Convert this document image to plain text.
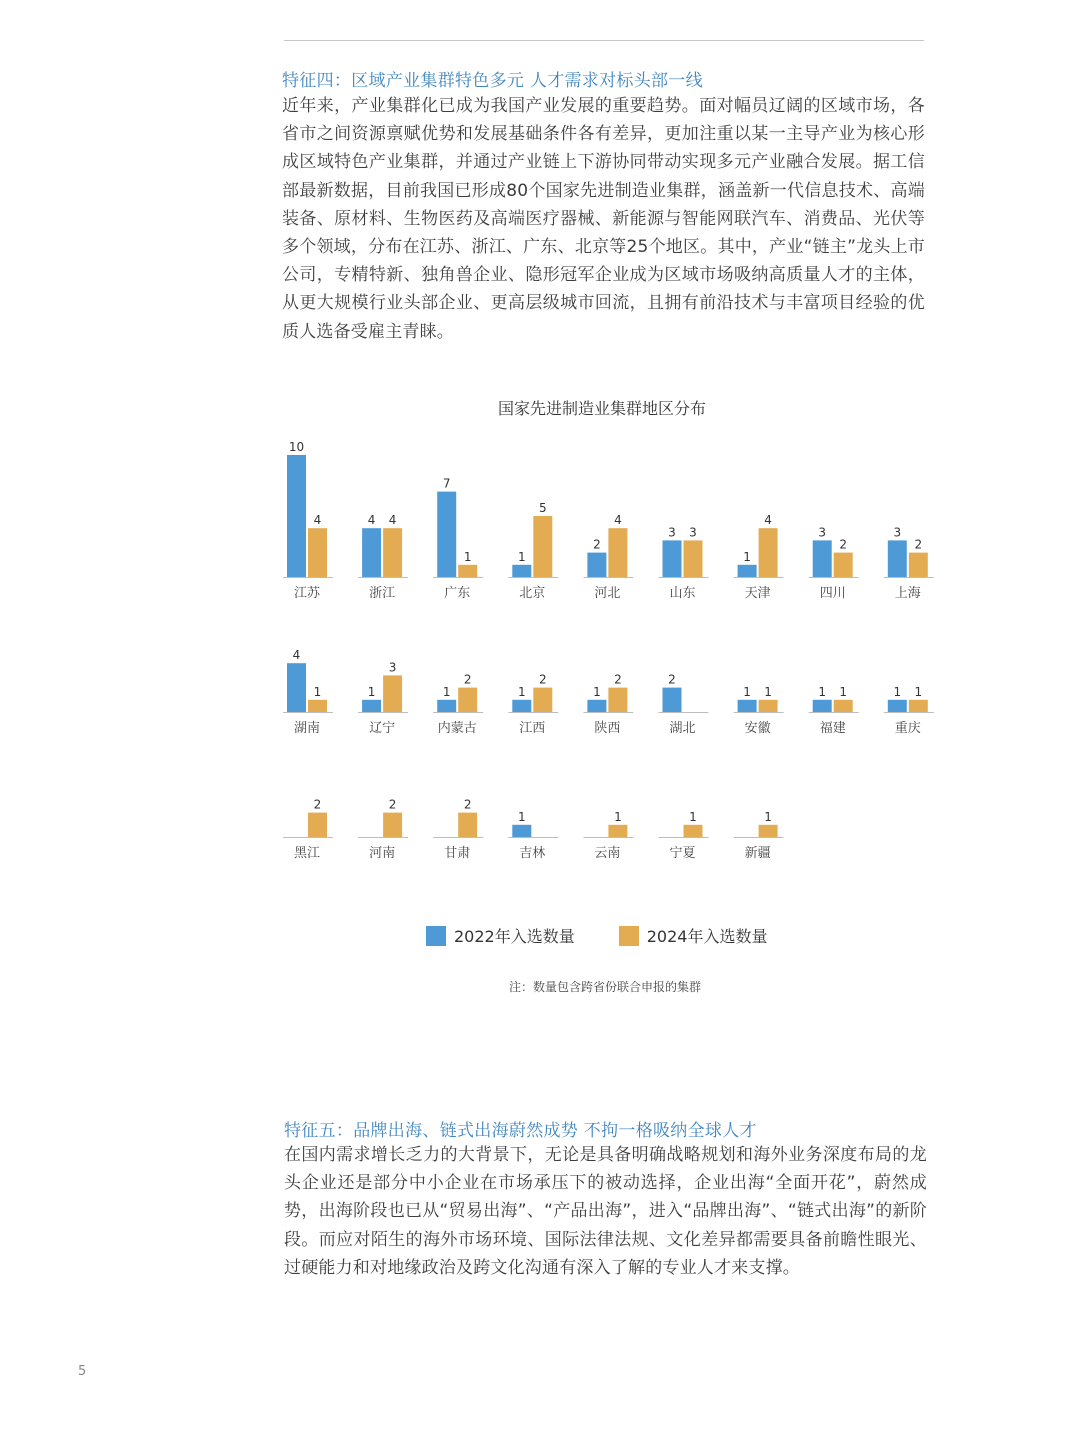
特征四：区域产业集群特色多元 人才需求对标头部一线

近年来，产业集群化已成为我国产业发展的重要趋势。面对幅员辽阔的区域市场，各省市之间资源禀赋优势和发展基础条件各有差异，更加注重以某一主导产业为核心形成区域特色产业集群，并通过产业链上下游协同带动实现多元产业融合发展。据工信部最新数据，目前我国已形成80个国家先进制造业集群，涵盖新一代信息技术、高端装备、原材料、生物医药及高端医疗器械、新能源与智能网联汽车、消费品、光伏等多个领域，分布在江苏、浙江、广东、北京等25个地区。其中，产业“链主”龙头上市公司，专精特新、独角兽企业、隐形冠军企业成为区域市场吸纳高质量人才的主体，从更大规模行业头部企业、更高层级城市回流，且拥有前沿技术与丰富项目经验的优质人选备受雇主青睐。

国家先进制造业集群地区分布
10
4
江苏
4 4
浙江
7
1
广东
1
5
北京
2
4
河北
3 3
山东
1
4
天津
3
2
四川
3
2
上海
4
1
湖南
1
3
辽宁
1
2
内蒙古
1
2
江西
1
2
陕西
2
湖北
1 1
安徽
1 1
福建
1 1
重庆
2
黑江
2
河南
2
甘肃
1
吉林
1
云南
1
宁夏
1
新疆
2022年入选数量	2024年入选数量
注：数量包含跨省份联合申报的集群
特征五：品牌出海、链式出海蔚然成势 不拘一格吸纳全球人才

在国内需求增长乏力的大背景下，无论是具备明确战略规划和海外业务深度布局的龙头企业还是部分中小企业在市场承压下的被动选择，企业出海“全面开花”，蔚然成势，出海阶段也已从“贸易出海”、“产品出海”，进入“品牌出海”、“链式出海”的新阶段。而应对陌生的海外市场环境、国际法律法规、文化差异都需要具备前瞻性眼光、过硬能力和对地缘政治及跨文化沟通有深入了解的专业人才来支撑。

5
